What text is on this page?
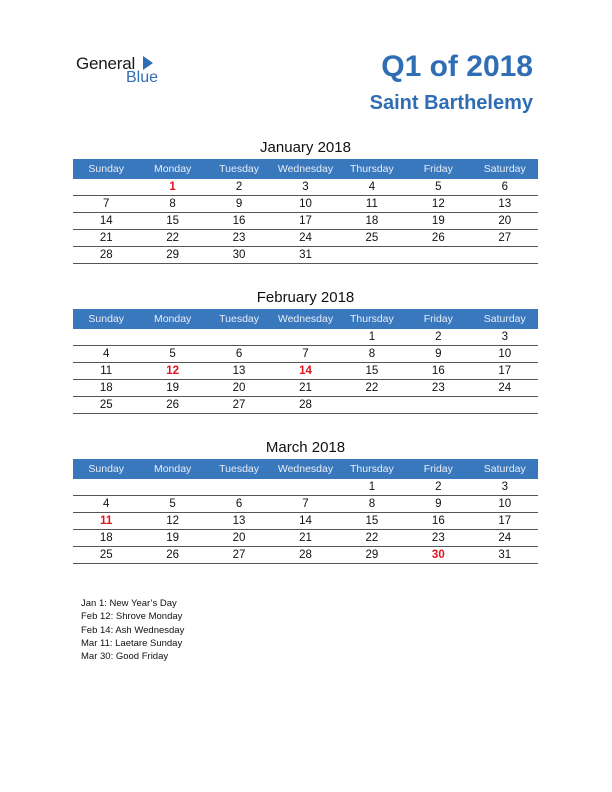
General
Blue	Q1 of 2018
Saint Barthelemy
January 2018
Sunday	Monday	Tuesday	Wednesday	Thursday	Friday	Saturday
	1	2	3	4	5	6
7	8	9	10	11	12	13
14	15	16	17	18	19	20
21	22	23	24	25	26	27
28	29	30	31			
February 2018
Sunday	Monday	Tuesday	Wednesday	Thursday	Friday	Saturday
				1	2	3
4	5	6	7	8	9	10
11	12	13	14	15	16	17
18	19	20	21	22	23	24
25	26	27	28			
March 2018
Sunday	Monday	Tuesday	Wednesday	Thursday	Friday	Saturday
				1	2	3
4	5	6	7	8	9	10
11	12	13	14	15	16	17
18	19	20	21	22	23	24
25	26	27	28	29	30	31
Jan 1: New Year’s Day
Feb 12: Shrove Monday
Feb 14: Ash Wednesday
Mar 11: Laetare Sunday
Mar 30: Good Friday
